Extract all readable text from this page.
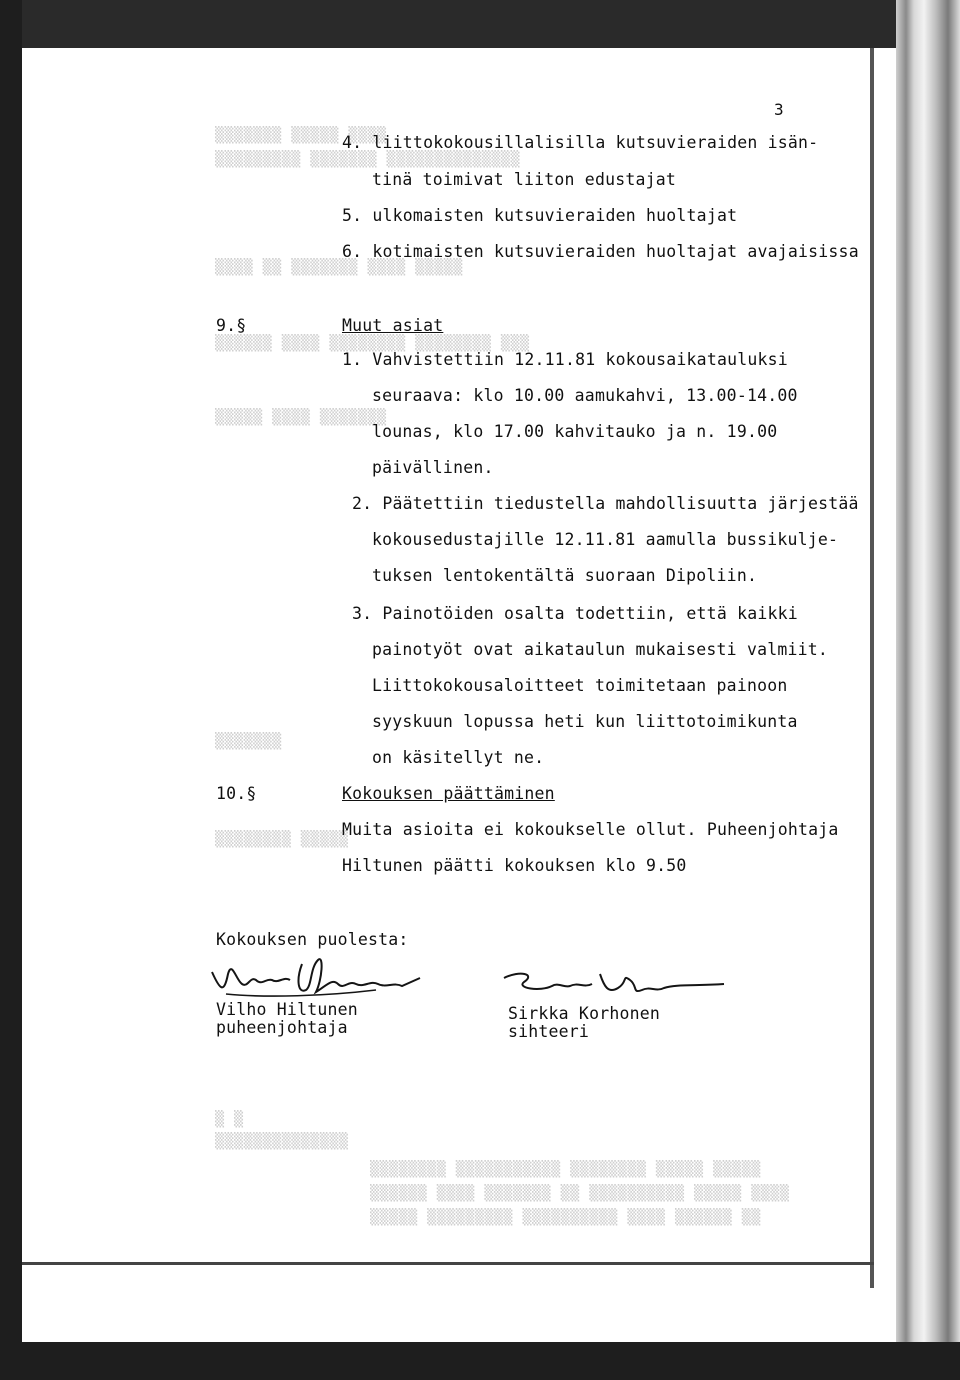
▒▒▒▒▒▒▒ ▒▒▒▒▒ ▒▒▒▒
▒▒▒▒▒▒▒▒▒ ▒▒▒▒▒▒▒ ▒▒▒▒▒▒▒▒▒▒▒▒▒▒
▒▒▒▒ ▒▒ ▒▒▒▒▒▒▒ ▒▒▒▒ ▒▒▒▒▒
▒▒▒▒▒▒ ▒▒▒▒ ▒▒▒▒▒▒▒▒ ▒▒▒▒▒▒▒▒ ▒▒▒
▒▒▒▒▒ ▒▒▒▒ ▒▒▒▒▒▒▒
▒▒▒▒▒▒▒
▒▒▒▒▒▒▒▒ ▒▒▒▒▒
▒ ▒
▒▒▒▒▒▒▒▒▒▒▒▒▒▒
▒▒▒▒▒▒▒▒ ▒▒▒▒▒▒▒▒▒▒▒ ▒▒▒▒▒▒▒▒ ▒▒▒▒▒ ▒▒▒▒▒
▒▒▒▒▒▒ ▒▒▒▒ ▒▒▒▒▒▒▒ ▒▒ ▒▒▒▒▒▒▒▒▒▒ ▒▒▒▒▒ ▒▒▒▒
▒▒▒▒▒ ▒▒▒▒▒▒▒▒▒ ▒▒▒▒▒▒▒▒▒▒ ▒▒▒▒ ▒▒▒▒▒▒ ▒▒
3
4. liittokokousillalisilla kutsuvieraiden isän-
tinä toimivat liiton edustajat
5. ulkomaisten kutsuvieraiden huoltajat
6. kotimaisten kutsuvieraiden huoltajat avajaisissa
9.§	Muut asiat
1. Vahvistettiin 12.11.81 kokousaikatauluksi
seuraava: klo 10.00 aamukahvi, 13.00-14.00
lounas, klo 17.00 kahvitauko ja n. 19.00
päivällinen.
2. Päätettiin tiedustella mahdollisuutta järjestää
kokousedustajille 12.11.81 aamulla bussikulje-
tuksen lentokentältä suoraan Dipoliin.
3. Painotöiden osalta todettiin, että kaikki
painotyöt ovat aikataulun mukaisesti valmiit.
Liittokokousaloitteet toimitetaan painoon
syyskuun lopussa heti kun liittotoimikunta
on käsitellyt ne.
10.§	Kokouksen päättäminen
Muita asioita ei kokoukselle ollut. Puheenjohtaja
Hiltunen päätti kokouksen klo 9.50
Kokouksen puolesta:
Vilho Hiltunen
puheenjohtaja
Sirkka Korhonen
sihteeri
